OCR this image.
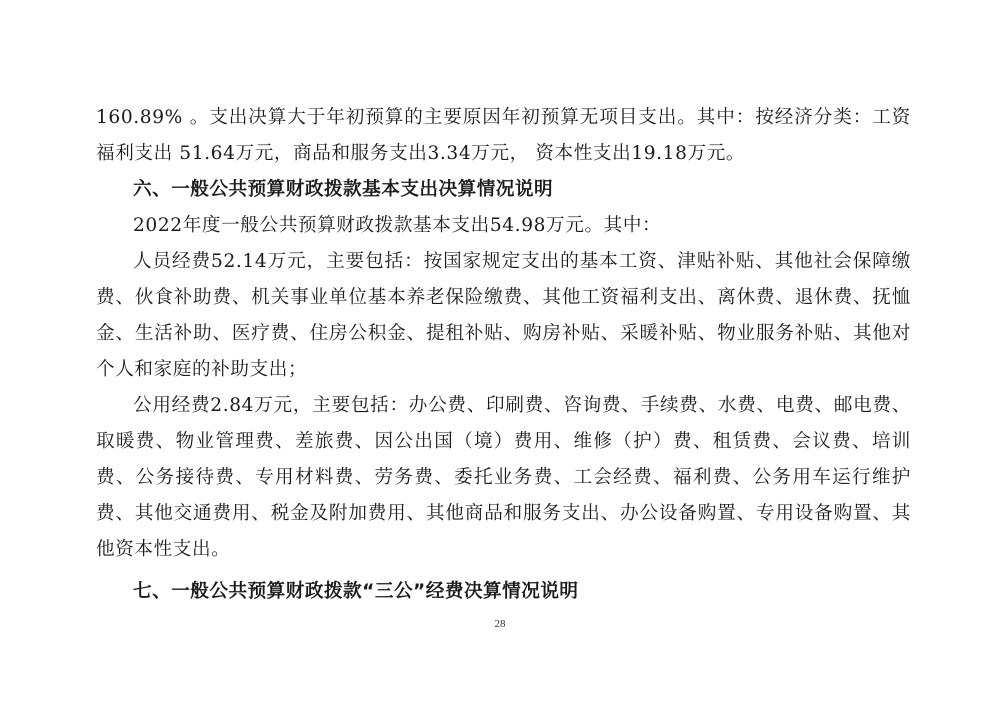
160.89% 。支出决算大于年初预算的主要原因年初预算无项目支出。其中：按经济分类：工资福利支出 51.64万元，商品和服务支出3.34万元， 资本性支出19.18万元。

六、一般公共预算财政拨款基本支出决算情况说明

2022年度一般公共预算财政拨款基本支出54.98万元。其中：

人员经费52.14万元，主要包括：按国家规定支出的基本工资、津贴补贴、其他社会保障缴费、伙食补助费、机关事业单位基本养老保险缴费、其他工资福利支出、离休费、退休费、抚恤金、生活补助、医疗费、住房公积金、提租补贴、购房补贴、采暖补贴、物业服务补贴、其他对个人和家庭的补助支出；

公用经费2.84万元，主要包括：办公费、印刷费、咨询费、手续费、水费、电费、邮电费、取暖费、物业管理费、差旅费、因公出国（境）费用、维修（护）费、租赁费、会议费、培训费、公务接待费、专用材料费、劳务费、委托业务费、工会经费、福利费、公务用车运行维护费、其他交通费用、税金及附加费用、其他商品和服务支出、办公设备购置、专用设备购置、其他资本性支出。

七、一般公共预算财政拨款“三公”经费决算情况说明

28
